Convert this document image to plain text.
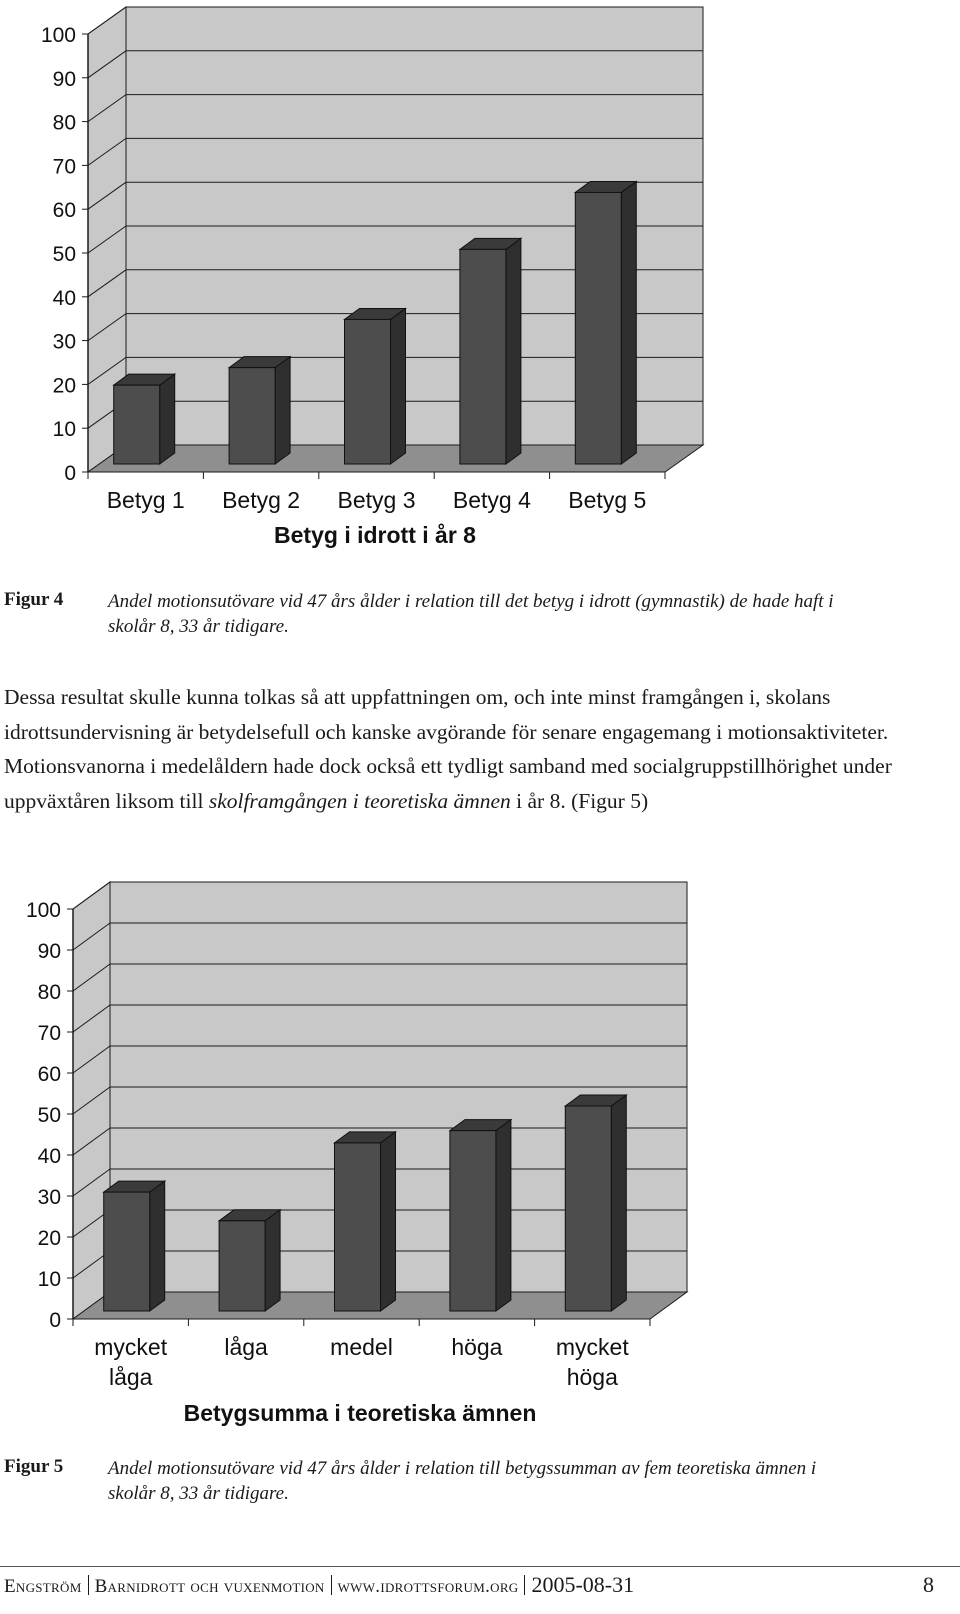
0
10
20
30
40
50
60
70
80
90
100
Betyg 1 Betyg 2 Betyg 3 Betyg 4 Betyg 5
Betyg i idrott i år 8
Figur 4 Andel motionsutövare vid 47 års ålder i relation till det betyg i idrott (gymnastik) de hade haft i skolår 8, 33 år tidigare.

Dessa resultat skulle kunna tolkas så att uppfattningen om, och inte minst framgången i, skolans idrottsundervisning är betydelsefull och kanske avgörande för senare engagemang i motionsaktiviteter. Motionsvanorna i medelåldern hade dock också ett tydligt samband med socialgruppstillhörighet under uppväxtåren liksom till skolframgången i teoretiska ämnen i år 8. (Figur 5)

0
10
20
30
40
50
60
70
80
90
100
mycket
låga
låga	medel	höga mycket
höga
Betygsumma i teoretiska ämnen
Figur 5 Andel motionsutövare vid 47 års ålder i relation till betygssumman av fem teoretiska ämnen i skolår 8, 33 år tidigare.
Engström Barnidrott och vuxenmotion www.idrottsforum.org 2005-08-31	8
